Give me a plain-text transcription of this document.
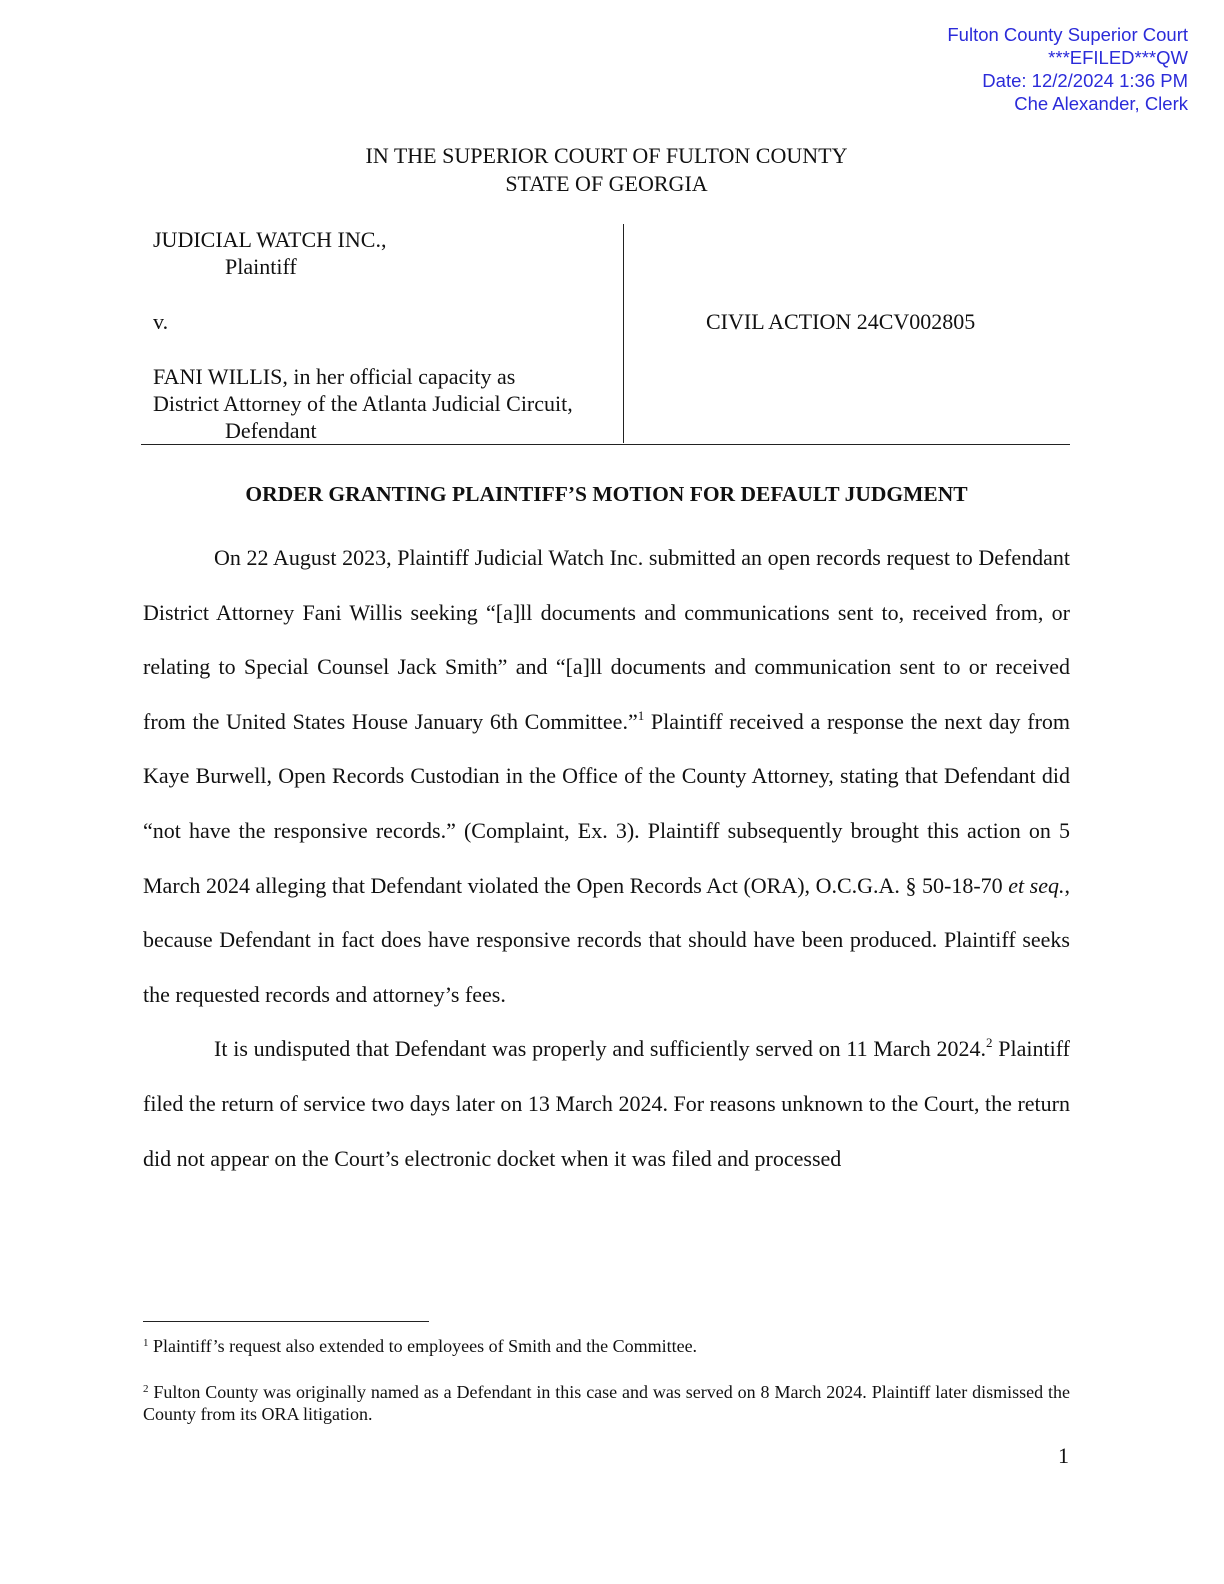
Fulton County Superior Court
***EFILED***QW
Date: 12/2/2024 1:36 PM
Che Alexander, Clerk
IN THE SUPERIOR COURT OF FULTON COUNTY
STATE OF GEORGIA
JUDICIAL WATCH INC.,
Plaintiff
v.
FANI WILLIS, in her official capacity as
District Attorney of the Atlanta Judicial Circuit,
Defendant
CIVIL ACTION 24CV002805
ORDER GRANTING PLAINTIFF’S MOTION FOR DEFAULT JUDGMENT

On 22 August 2023, Plaintiff Judicial Watch Inc. submitted an open records request to Defendant District Attorney Fani Willis seeking “[a]ll documents and communications sent to, received from, or relating to Special Counsel Jack Smith” and “[a]ll documents and communication sent to or received from the United States House January 6th Committee.”$^1$ Plaintiff received a response the next day from Kaye Burwell, Open Records Custodian in the Office of the County Attorney, stating that Defendant did “not have the responsive records.” (Complaint, Ex. 3). Plaintiff subsequently brought this action on 5 March 2024 alleging that Defendant violated the Open Records Act (ORA), O.C.G.A. § 50-18-70 et seq., because Defendant in fact does have responsive records that should have been produced. Plaintiff seeks the requested records and attorney’s fees.

It is undisputed that Defendant was properly and sufficiently served on 11 March 2024.$^2$ Plaintiff filed the return of service two days later on 13 March 2024. For reasons unknown to the Court, the return did not appear on the Court’s electronic docket when it was filed and processed

$^1$ Plaintiff’s request also extended to employees of Smith and the Committee.
$^2$ Fulton County was originally named as a Defendant in this case and was served on 8 March 2024. Plaintiff later dismissed the County from its ORA litigation.
1
